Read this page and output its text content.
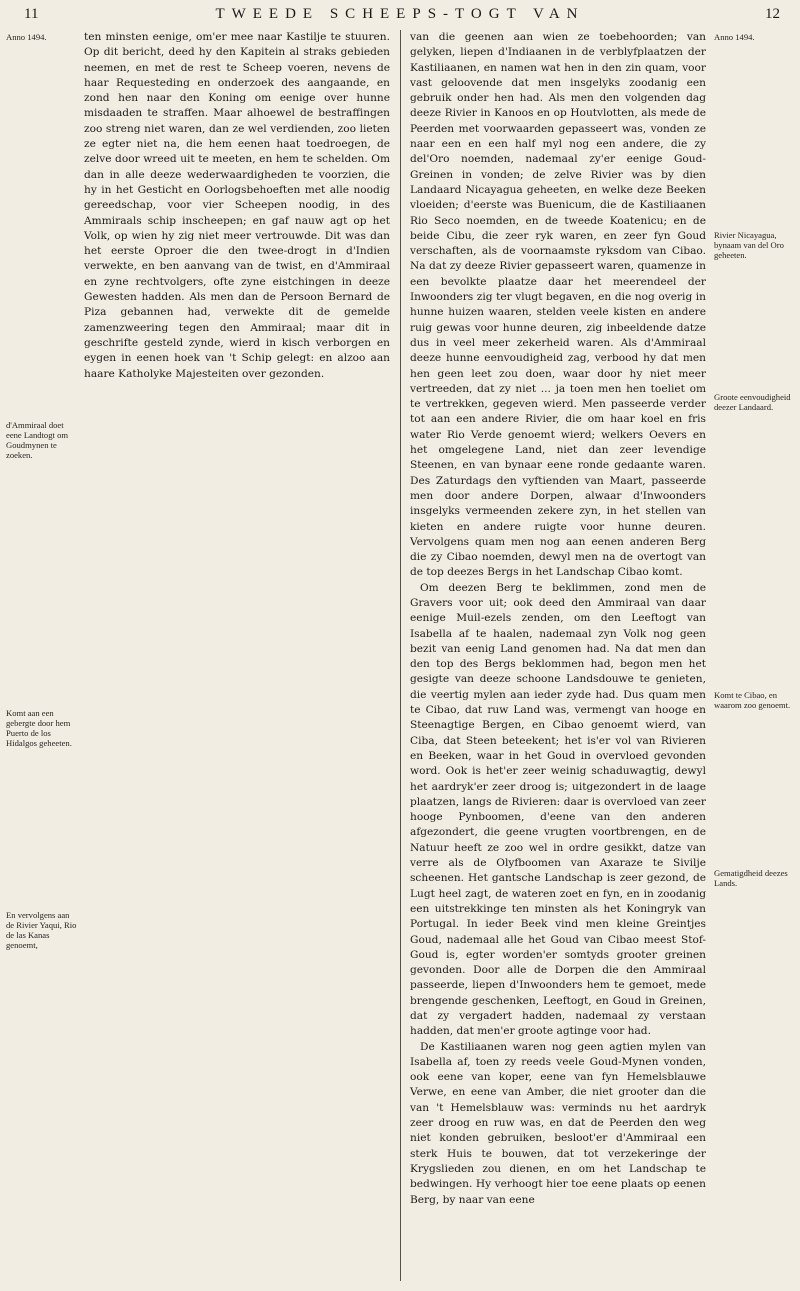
11	TWEEDE SCHEEPS-TOGT VAN	12
Anno 1494.
d'Ammiraal doet eene Landtogt om Goudmynen te zoeken.
Komt aan een gebergte door hem Puerto de los Hidalgos geheeten.
En vervolgens aan de Rivier Yaqui, Rio de las Kanas genoemt,

ten minsten eenige, om'er mee naar Kastilje te stuuren. Op dit bericht, deed hy den Kapitein al straks gebieden neemen, en met de rest te Scheep voeren, nevens de haar Requesteding en onderzoek des aangaande, en zond hen naar den Koning om eenige over hunne misdaaden te straffen. Maar alhoewel de bestraffingen zoo streng niet waren, dan ze wel verdienden, zoo lieten ze egter niet na, die hem eenen haat toedroegen, de zelve door wreed uit te meeten, en hem te schelden. Om dan in alle deeze wederwaardigheden te voorzien, die hy in het Gesticht en Oorlogsbehoeften met alle noodig gereedschap, voor vier Scheepen noodig, in des Ammiraals schip inscheepen; en gaf nauw agt op het Volk, op wien hy zig niet meer vertrouwde. Dit was dan het eerste Oproer die den twee-drogt in d'Indien verwekte, en ben aanvang van de twist, en d'Ammiraal en zyne rechtvolgers, ofte zyne eistchingen in deeze Gewesten hadden. Als men dan de Persoon Bernard de Piza gebannen had, verwekte dit de gemelde zamenzweering tegen den Ammiraal; maar dit in geschrifte gesteld zynde, wierd in kisch verborgen en eygen in eenen hoek van 't Schip gelegt: en alzoo aan haare Katholyke Majesteiten over gezonden.

van die geenen aan wien ze toebehoorden; van gelyken, liepen d'Indiaanen in de verblyfplaatzen der Kastiliaanen, en namen wat hen in den zin quam, voor vast geloovende dat men insgelyks zoodanig een gebruik onder hen had. Als men den volgenden dag deeze Rivier in Kanoos en op Houtvlotten, als mede de Peerden met voorwaarden gepasseert was, vonden ze naar een en een half myl nog een andere, die zy del'Oro noemden, nademaal zy'er eenige Goud-Greinen in vonden; de zelve Rivier was by dien Landaard Nicayagua geheeten, en welke deze Beeken vloeiden; d'eerste was Buenicum, die de Kastiliaanen Rio Seco noemden, en de tweede Koatenicu; en de beide Cibu, die zeer ryk waren, en zeer fyn Goud verschaften, als de voornaamste ryksdom van Cibao. Na dat zy deeze Rivier gepasseert waren, quamenze in een bevolkte plaatze daar het meerendeel der Inwoonders zig ter vlugt begaven, en die nog overig in hunne huizen waaren, stelden veele kisten en andere ruig gewas voor hunne deuren, zig inbeeldende datze dus in veel meer zekerheid waren. Als d'Ammiraal deeze hunne eenvoudigheid zag, verbood hy dat men hen geen leet zou doen, waar door hy niet meer vertreeden, dat zy niet ... ja toen men hen toeliet om te vertrekken, gegeven wierd. Men passeerde verder tot aan een andere Rivier, die om haar koel en fris water Rio Verde genoemt wierd; welkers Oevers en het omgelegene Land, niet dan zeer levendige Steenen, en van bynaar eene ronde gedaante waren. Des Zaturdags den vyftienden van Maart, passeerde men door andere Dorpen, alwaar d'Inwoonders insgelyks vermeenden zekere zyn, in het stellen van kieten en andere ruigte voor hunne deuren. Vervolgens quam men nog aan eenen anderen Berg die zy Cibao noemden, dewyl men na de overtogt van de top deezes Bergs in het Landschap Cibao komt.

Om deezen Berg te beklimmen, zond men de Gravers voor uit; ook deed den Ammiraal van daar eenige Muil-ezels zenden, om den Leeftogt van Isabella af te haalen, nademaal zyn Volk nog geen bezit van eenig Land genomen had. Na dat men dan den top des Bergs beklommen had, begon men het gesigte van deeze schoone Landsdouwe te genieten, die veertig mylen aan ieder zyde had. Dus quam men te Cibao, dat ruw Land was, vermengt van hooge en Steenagtige Bergen, en Cibao genoemt wierd, van Ciba, dat Steen beteekent; het is'er vol van Rivieren en Beeken, waar in het Goud in overvloed gevonden word. Ook is het'er zeer weinig schaduwagtig, dewyl het aardryk'er zeer droog is; uitgezondert in de laage plaatzen, langs de Rivieren: daar is overvloed van zeer hooge Pynboomen, d'eene van den anderen afgezondert, die geene vrugten voortbrengen, en de Natuur heeft ze zoo wel in ordre gesikkt, datze van verre als de Olyfboomen van Axaraze te Sivilje scheenen. Het gantsche Landschap is zeer gezond, de Lugt heel zagt, de wateren zoet en fyn, en in zoodanig een uitstrekkinge ten minsten als het Koningryk van Portugal. In ieder Beek vind men kleine Greintjes Goud, nademaal alle het Goud van Cibao meest Stof-Goud is, egter worden'er somtyds grooter greinen gevonden. Door alle de Dorpen die den Ammiraal passeerde, liepen d'Inwoonders hem te gemoet, mede brengende geschenken, Leeftogt, en Goud in Greinen, dat zy vergadert hadden, nademaal zy verstaan hadden, dat men'er groote agtinge voor had.

De Kastiliaanen waren nog geen agtien mylen van Isabella af, toen zy reeds veele Goud-Mynen vonden, ook eene van koper, eene van fyn Hemelsblauwe Verwe, en eene van Amber, die niet grooter dan die van 't Hemelsblauw was: verminds nu het aardryk zeer droog en ruw was, en dat de Peerden den weg niet konden gebruiken, besloot'er d'Ammiraal een sterk Huis te bouwen, dat tot verzekeringe der Krygslieden zou dienen, en om het Landschap te bedwingen. Hy verhoogt hier toe eene plaats op eenen Berg, by naar van eene

Anno 1494.
Rivier Nicayagua, bynaam van del Oro geheeten.
Groote eenvoudigheid deezer Landaard.
Komt te Cibao, en waarom zoo genoemt.
Gematigdheid deezes Lands.
